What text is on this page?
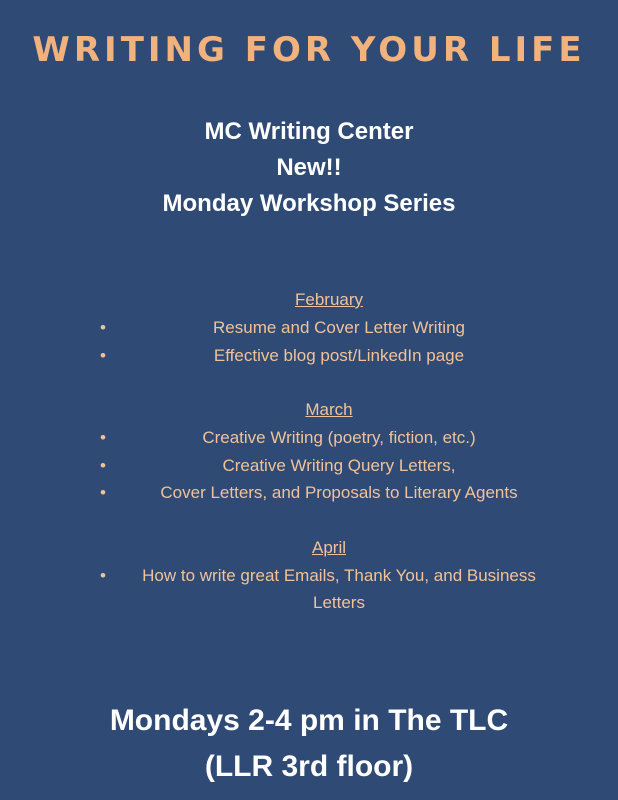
WRITING FOR YOUR LIFE
MC Writing Center
New!!
Monday Workshop Series
February
•	Resume and Cover Letter Writing
•	Effective blog post/LinkedIn page
March
•	Creative Writing (poetry, fiction, etc.)
•	Creative Writing Query Letters,
•	Cover Letters, and Proposals to Literary Agents
April
•	How to write great Emails, Thank You, and Business Letters
Mondays 2-4 pm in The TLC
(LLR 3rd floor)
